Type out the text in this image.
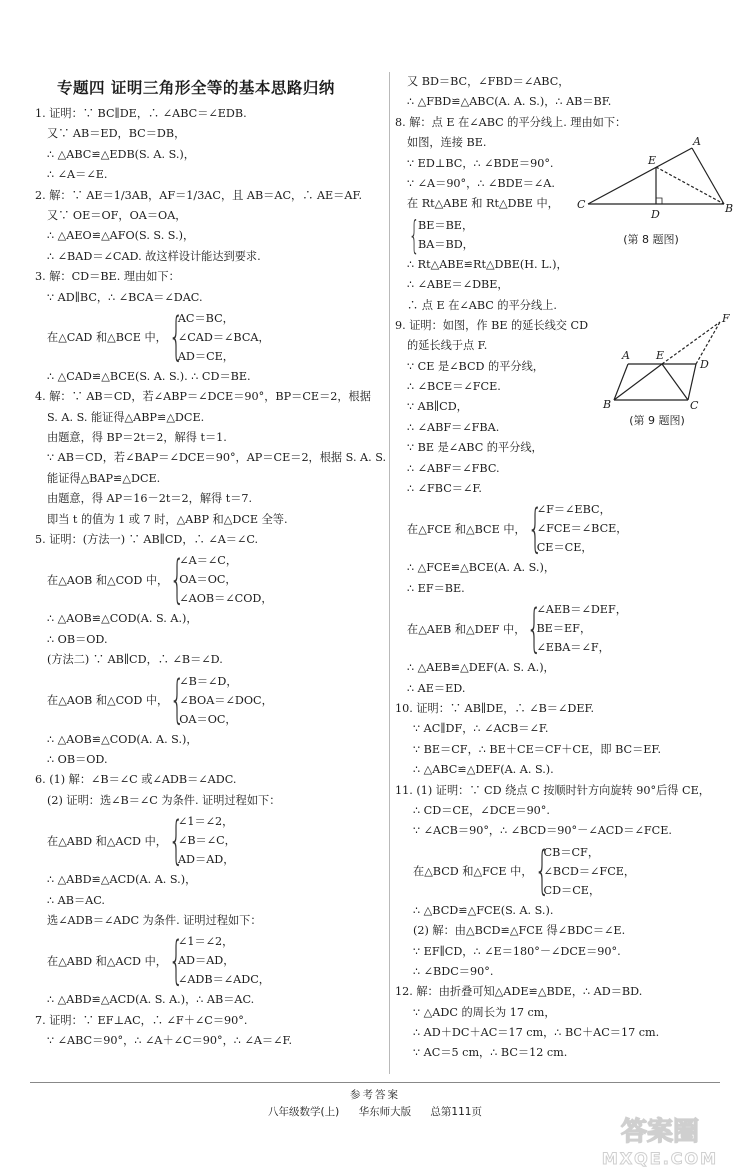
专题四 证明三角形全等的基本思路归纳
1. 证明：∵ BC∥DE，∴ ∠ABC＝∠EDB.
又∵ AB＝ED，BC＝DB，
∴ △ABC≌△EDB(S. A. S.)，
∴ ∠A＝∠E.
2. 解：∵ AE＝1/3AB，AF＝1/3AC，且 AB＝AC，∴ AE＝AF.
又∵ OE＝OF，OA＝OA，
∴ △AEO≌△AFO(S. S. S.)，
∴ ∠BAD＝∠CAD. 故这样设计能达到要求.
3. 解：CD＝BE. 理由如下：
∵ AD∥BC，∴ ∠BCA＝∠DAC.
在△CAD 和△BCE 中， {
AC＝BC，
∠CAD＝∠BCA，
AD＝CE，
∴ △CAD≌△BCE(S. A. S.). ∴ CD＝BE.
4. 解：∵ AB＝CD，若∠ABP＝∠DCE＝90°，BP＝CE＝2，根据
S. A. S. 能证得△ABP≌△DCE.
由题意，得 BP＝2t＝2，解得 t＝1.
∵ AB＝CD，若∠BAP＝∠DCE＝90°，AP＝CE＝2，根据 S. A. S.
能证得△BAP≌△DCE.
由题意，得 AP＝16－2t＝2，解得 t＝7.
即当 t 的值为 1 或 7 时，△ABP 和△DCE 全等.
5. 证明：(方法一) ∵ AB∥CD，∴ ∠A＝∠C.
在△AOB 和△COD 中， {
∠A＝∠C，
OA＝OC，
∠AOB＝∠COD，
∴ △AOB≌△COD(A. S. A.)，
∴ OB＝OD.
(方法二) ∵ AB∥CD，∴ ∠B＝∠D.
在△AOB 和△COD 中， {
∠B＝∠D，
∠BOA＝∠DOC，
OA＝OC，
∴ △AOB≌△COD(A. A. S.)，
∴ OB＝OD.
6. (1) 解：∠B＝∠C 或∠ADB＝∠ADC.
(2) 证明：选∠B＝∠C 为条件. 证明过程如下：
在△ABD 和△ACD 中， {
∠1＝∠2，
∠B＝∠C，
AD＝AD，
∴ △ABD≌△ACD(A. A. S.)，
∴ AB＝AC.
选∠ADB＝∠ADC 为条件. 证明过程如下：
在△ABD 和△ACD 中， {
∠1＝∠2，
AD＝AD，
∠ADB＝∠ADC，
∴ △ABD≌△ACD(A. S. A.)，∴ AB＝AC.
7. 证明：∵ EF⊥AC，∴ ∠F＋∠C＝90°.
∵ ∠ABC＝90°，∴ ∠A＋∠C＝90°，∴ ∠A＝∠F.
又 BD＝BC，∠FBD＝∠ABC，
∴ △FBD≌△ABC(A. A. S.)，∴ AB＝BF.
8. 解：点 E 在∠ABC 的平分线上. 理由如下：
如图，连接 BE.
∵ ED⊥BC，∴ ∠BDE＝90°.
∵ ∠A＝90°，∴ ∠BDE＝∠A.
在 Rt△ABE 和 Rt△DBE 中，
{
BE＝BE，
BA＝BD，
∴ Rt△ABE≌Rt△DBE(H. L.)，
∴ ∠ABE＝∠DBE，
∴ 点 E 在∠ABC 的平分线上.
9. 证明：如图，作 BE 的延长线交 CD
的延长线于点 F.
∵ CE 是∠BCD 的平分线，
∴ ∠BCE＝∠FCE.
∵ AB∥CD，
∴ ∠ABF＝∠FBA.
∵ BE 是∠ABC 的平分线，
∴ ∠ABF＝∠FBC.
∴ ∠FBC＝∠F.
在△FCE 和△BCE 中， {
∠F＝∠EBC，
∠FCE＝∠BCE，
CE＝CE，
∴ △FCE≌△BCE(A. A. S.)，
∴ EF＝BE.
在△AEB 和△DEF 中， {
∠AEB＝∠DEF，
BE＝EF，
∠EBA＝∠F，
∴ △AEB≌△DEF(A. S. A.)，
∴ AE＝ED.
10. 证明：∵ AB∥DE，∴ ∠B＝∠DEF.
∵ AC∥DF，∴ ∠ACB＝∠F.
∵ BE＝CF，∴ BE＋CE＝CF＋CE，即 BC＝EF.
∴ △ABC≌△DEF(A. A. S.).
11. (1) 证明：∵ CD 绕点 C 按顺时针方向旋转 90°后得 CE，
∴ CD＝CE，∠DCE＝90°.
∵ ∠ACB＝90°，∴ ∠BCD＝90°－∠ACD＝∠FCE.
在△BCD 和△FCE 中， {
CB＝CF，
∠BCD＝∠FCE，
CD＝CE，
∴ △BCD≌△FCE(S. A. S.).
(2) 解：由△BCD≌△FCE 得∠BDC＝∠E.
∵ EF∥CD，∴ ∠E＝180°－∠DCE＝90°.
∴ ∠BDC＝90°.
12. 解：由折叠可知△ADE≌△BDE，∴ AD＝BD.
∵ △ADC 的周长为 17 cm，
∴ AD＋DC＋AC＝17 cm，∴ BC＋AC＝17 cm.
∵ AC＝5 cm，∴ BC＝12 cm.
A
E
C
D	B
(第 8 题图)
F
A E
D
B	C
(第 9 题图)
参考答案
八年级数学(上) 华东师大版 总第111页
答案圈
MXQE.COM
